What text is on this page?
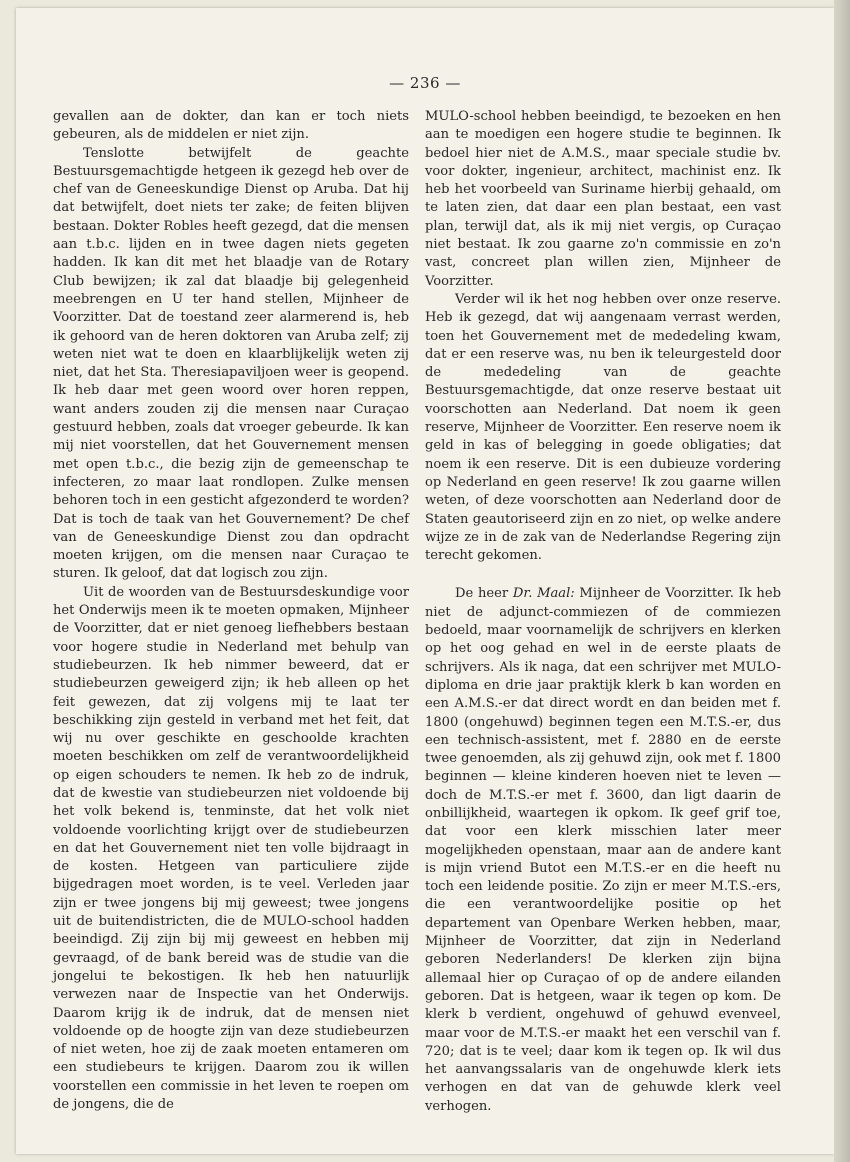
— 236 —

gevallen aan de dokter, dan kan er toch niets gebeuren, als de middelen er niet zijn.

Tenslotte betwijfelt de geachte Bestuursgemachtigde hetgeen ik gezegd heb over de chef van de Geneeskundige Dienst op Aruba. Dat hij dat betwijfelt, doet niets ter zake; de feiten blijven bestaan. Dokter Robles heeft gezegd, dat die mensen aan t.b.c. lijden en in twee dagen niets gegeten hadden. Ik kan dit met het blaadje van de Rotary Club bewijzen; ik zal dat blaadje bij gelegenheid meebrengen en U ter hand stellen, Mijnheer de Voorzitter. Dat de toestand zeer alarmerend is, heb ik gehoord van de heren doktoren van Aruba zelf; zij weten niet wat te doen en klaarblijkelijk weten zij niet, dat het Sta. Theresiapaviljoen weer is geopend. Ik heb daar met geen woord over horen reppen, want anders zouden zij die mensen naar Curaçao gestuurd hebben, zoals dat vroeger gebeurde. Ik kan mij niet voorstellen, dat het Gouvernement mensen met open t.b.c., die bezig zijn de gemeenschap te infecteren, zo maar laat rondlopen. Zulke mensen behoren toch in een gesticht afgezonderd te worden? Dat is toch de taak van het Gouvernement? De chef van de Geneeskundige Dienst zou dan opdracht moeten krijgen, om die mensen naar Curaçao te sturen. Ik geloof, dat dat logisch zou zijn.

Uit de woorden van de Bestuursdeskundige voor het Onderwijs meen ik te moeten opmaken, Mijnheer de Voorzitter, dat er niet genoeg liefhebbers bestaan voor hogere studie in Nederland met behulp van studiebeurzen. Ik heb nimmer beweerd, dat er studiebeurzen geweigerd zijn; ik heb alleen op het feit gewezen, dat zij volgens mij te laat ter beschikking zijn gesteld in verband met het feit, dat wij nu over geschikte en geschoolde krachten moeten beschikken om zelf de verantwoordelijkheid op eigen schouders te nemen. Ik heb zo de indruk, dat de kwestie van studiebeurzen niet voldoende bij het volk bekend is, tenminste, dat het volk niet voldoende voorlichting krijgt over de studiebeurzen en dat het Gouvernement niet ten volle bijdraagt in de kosten. Hetgeen van particuliere zijde bijgedragen moet worden, is te veel. Verleden jaar zijn er twee jongens bij mij geweest; twee jongens uit de buitendistricten, die de MULO-school hadden beeindigd. Zij zijn bij mij geweest en hebben mij gevraagd, of de bank bereid was de studie van die jongelui te bekostigen. Ik heb hen natuurlijk verwezen naar de Inspectie van het Onderwijs. Daarom krijg ik de indruk, dat de mensen niet voldoende op de hoogte zijn van deze studiebeurzen of niet weten, hoe zij de zaak moeten entameren om een studiebeurs te krijgen. Daarom zou ik willen voorstellen een commissie in het leven te roepen om de jongens, die de

MULO-school hebben beeindigd, te bezoeken en hen aan te moedigen een hogere studie te beginnen. Ik bedoel hier niet de A.M.S., maar speciale studie bv. voor dokter, ingenieur, architect, machinist enz. Ik heb het voorbeeld van Suriname hierbij gehaald, om te laten zien, dat daar een plan bestaat, een vast plan, terwijl dat, als ik mij niet vergis, op Curaçao niet bestaat. Ik zou gaarne zo'n commissie en zo'n vast, concreet plan willen zien, Mijnheer de Voorzitter.

Verder wil ik het nog hebben over onze reserve. Heb ik gezegd, dat wij aangenaam verrast werden, toen het Gouvernement met de mededeling kwam, dat er een reserve was, nu ben ik teleurgesteld door de mededeling van de geachte Bestuursgemachtigde, dat onze reserve bestaat uit voorschotten aan Nederland. Dat noem ik geen reserve, Mijnheer de Voorzitter. Een reserve noem ik geld in kas of belegging in goede obligaties; dat noem ik een reserve. Dit is een dubieuze vordering op Nederland en geen reserve! Ik zou gaarne willen weten, of deze voorschotten aan Nederland door de Staten geautoriseerd zijn en zo niet, op welke andere wijze ze in de zak van de Nederlandse Regering zijn terecht gekomen.

De heer Dr. Maal: Mijnheer de Voorzitter. Ik heb niet de adjunct-commiezen of de commiezen bedoeld, maar voornamelijk de schrijvers en klerken op het oog gehad en wel in de eerste plaats de schrijvers. Als ik naga, dat een schrijver met MULO-diploma en drie jaar praktijk klerk b kan worden en een A.M.S.-er dat direct wordt en dan beiden met f. 1800 (ongehuwd) beginnen tegen een M.T.S.-er, dus een technisch-assistent, met f. 2880 en de eerste twee genoemden, als zij gehuwd zijn, ook met f. 1800 beginnen — kleine kinderen hoeven niet te leven — doch de M.T.S.-er met f. 3600, dan ligt daarin de onbillijkheid, waartegen ik opkom. Ik geef grif toe, dat voor een klerk misschien later meer mogelijkheden openstaan, maar aan de andere kant is mijn vriend Butot een M.T.S.-er en die heeft nu toch een leidende positie. Zo zijn er meer M.T.S.-ers, die een verantwoordelijke positie op het departement van Openbare Werken hebben, maar, Mijnheer de Voorzitter, dat zijn in Nederland geboren Nederlanders! De klerken zijn bijna allemaal hier op Curaçao of op de andere eilanden geboren. Dat is hetgeen, waar ik tegen op kom. De klerk b verdient, ongehuwd of gehuwd evenveel, maar voor de M.T.S.-er maakt het een verschil van f. 720; dat is te veel; daar kom ik tegen op. Ik wil dus het aanvangssalaris van de ongehuwde klerk iets verhogen en dat van de gehuwde klerk veel verhogen.
